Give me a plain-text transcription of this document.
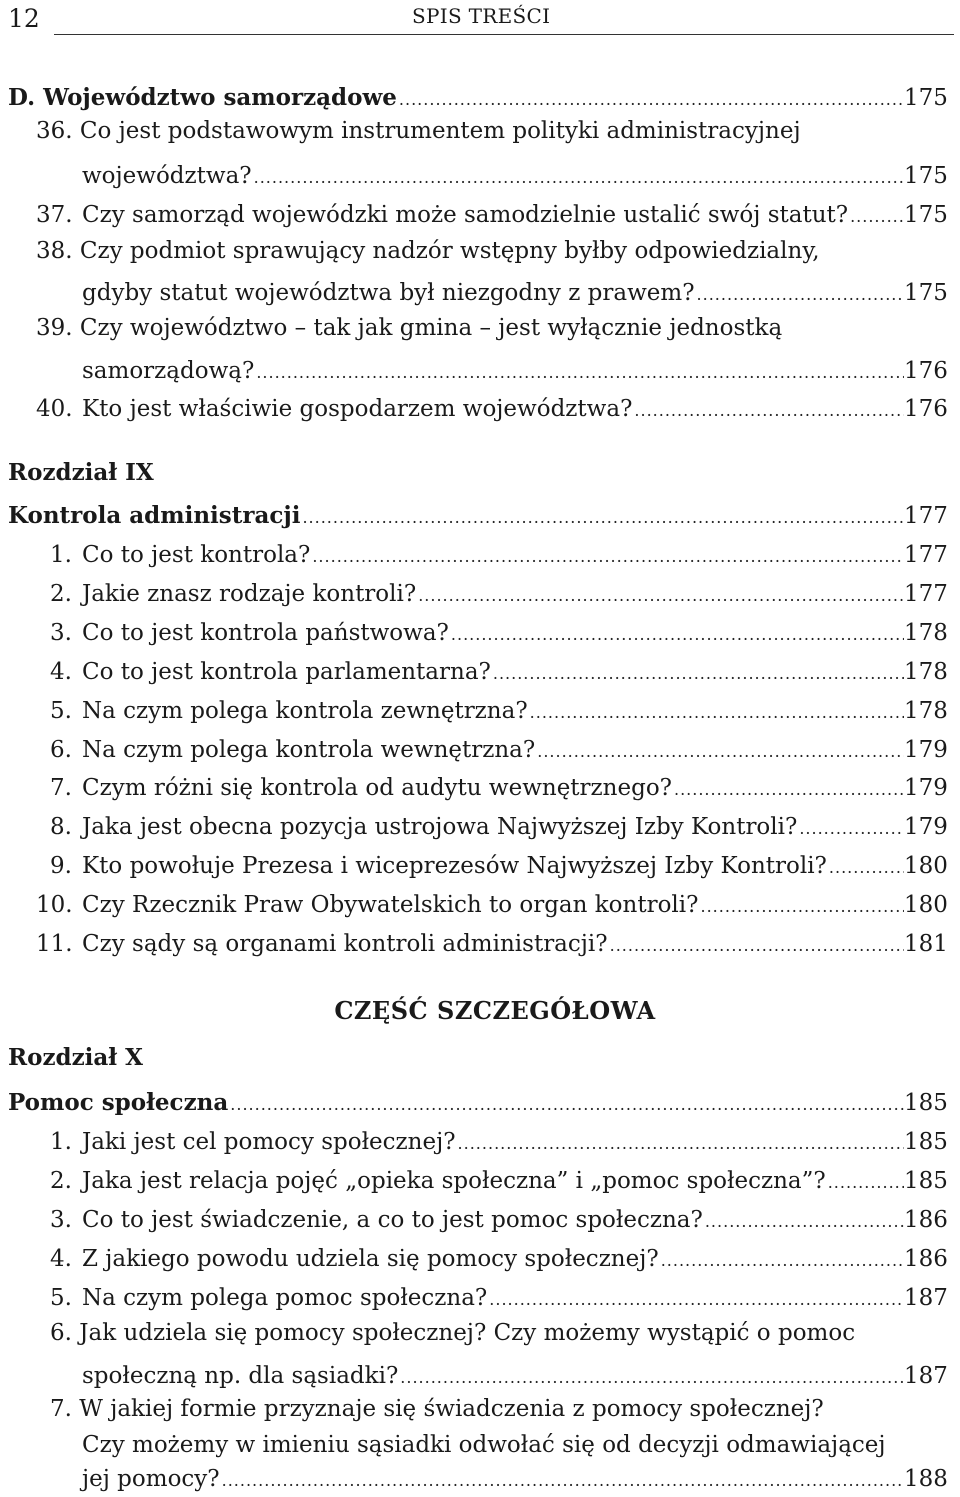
12	SPIS TREŚCI
D. Województwo samorządowe .....	175
36. Co jest podstawowym instrumentem polityki administracyjnej
województwa? .....	175
37. Czy samorząd wojewódzki może samodzielnie ustalić swój statut? ..... 175
38. Czy podmiot sprawujący nadzór wstępny byłby odpowiedzialny,
gdyby statut województwa był niezgodny z prawem? .....	175
39. Czy województwo – tak jak gmina – jest wyłącznie jednostką
samorządową? .....	176
40. Kto jest właściwie gospodarzem województwa? .....	176
Rozdział IX
Kontrola administracji .....	177
1. Co to jest kontrola? .....	177
2. Jakie znasz rodzaje kontroli? .....	177
3. Co to jest kontrola państwowa? .....	178
4. Co to jest kontrola parlamentarna? .....	178
5. Na czym polega kontrola zewnętrzna? .....	178
6. Na czym polega kontrola wewnętrzna? .....	179
7. Czym różni się kontrola od audytu wewnętrznego? .....	179
8. Jaka jest obecna pozycja ustrojowa Najwyższej Izby Kontroli? .....	179
9. Kto powołuje Prezesa i wiceprezesów Najwyższej Izby Kontroli? .....	180
10. Czy Rzecznik Praw Obywatelskich to organ kontroli? .....	180
11. Czy sądy są organami kontroli administracji? .....	181
CZĘŚĆ SZCZEGÓŁOWA
Rozdział X
Pomoc społeczna .....	185
1. Jaki jest cel pomocy społecznej? .....	185
2. Jaka jest relacja pojęć „opieka społeczna” i „pomoc społeczna”? .....	185
3. Co to jest świadczenie, a co to jest pomoc społeczna? .....	186
4. Z jakiego powodu udziela się pomocy społecznej? .....	186
5. Na czym polega pomoc społeczna? .....	187
6. Jak udziela się pomocy społecznej? Czy możemy wystąpić o pomoc
społeczną np. dla sąsiadki? .....	187
7. W jakiej formie przyznaje się świadczenia z pomocy społecznej?
Czy możemy w imieniu sąsiadki odwołać się od decyzji odmawiającej
jej pomocy? .....	188
